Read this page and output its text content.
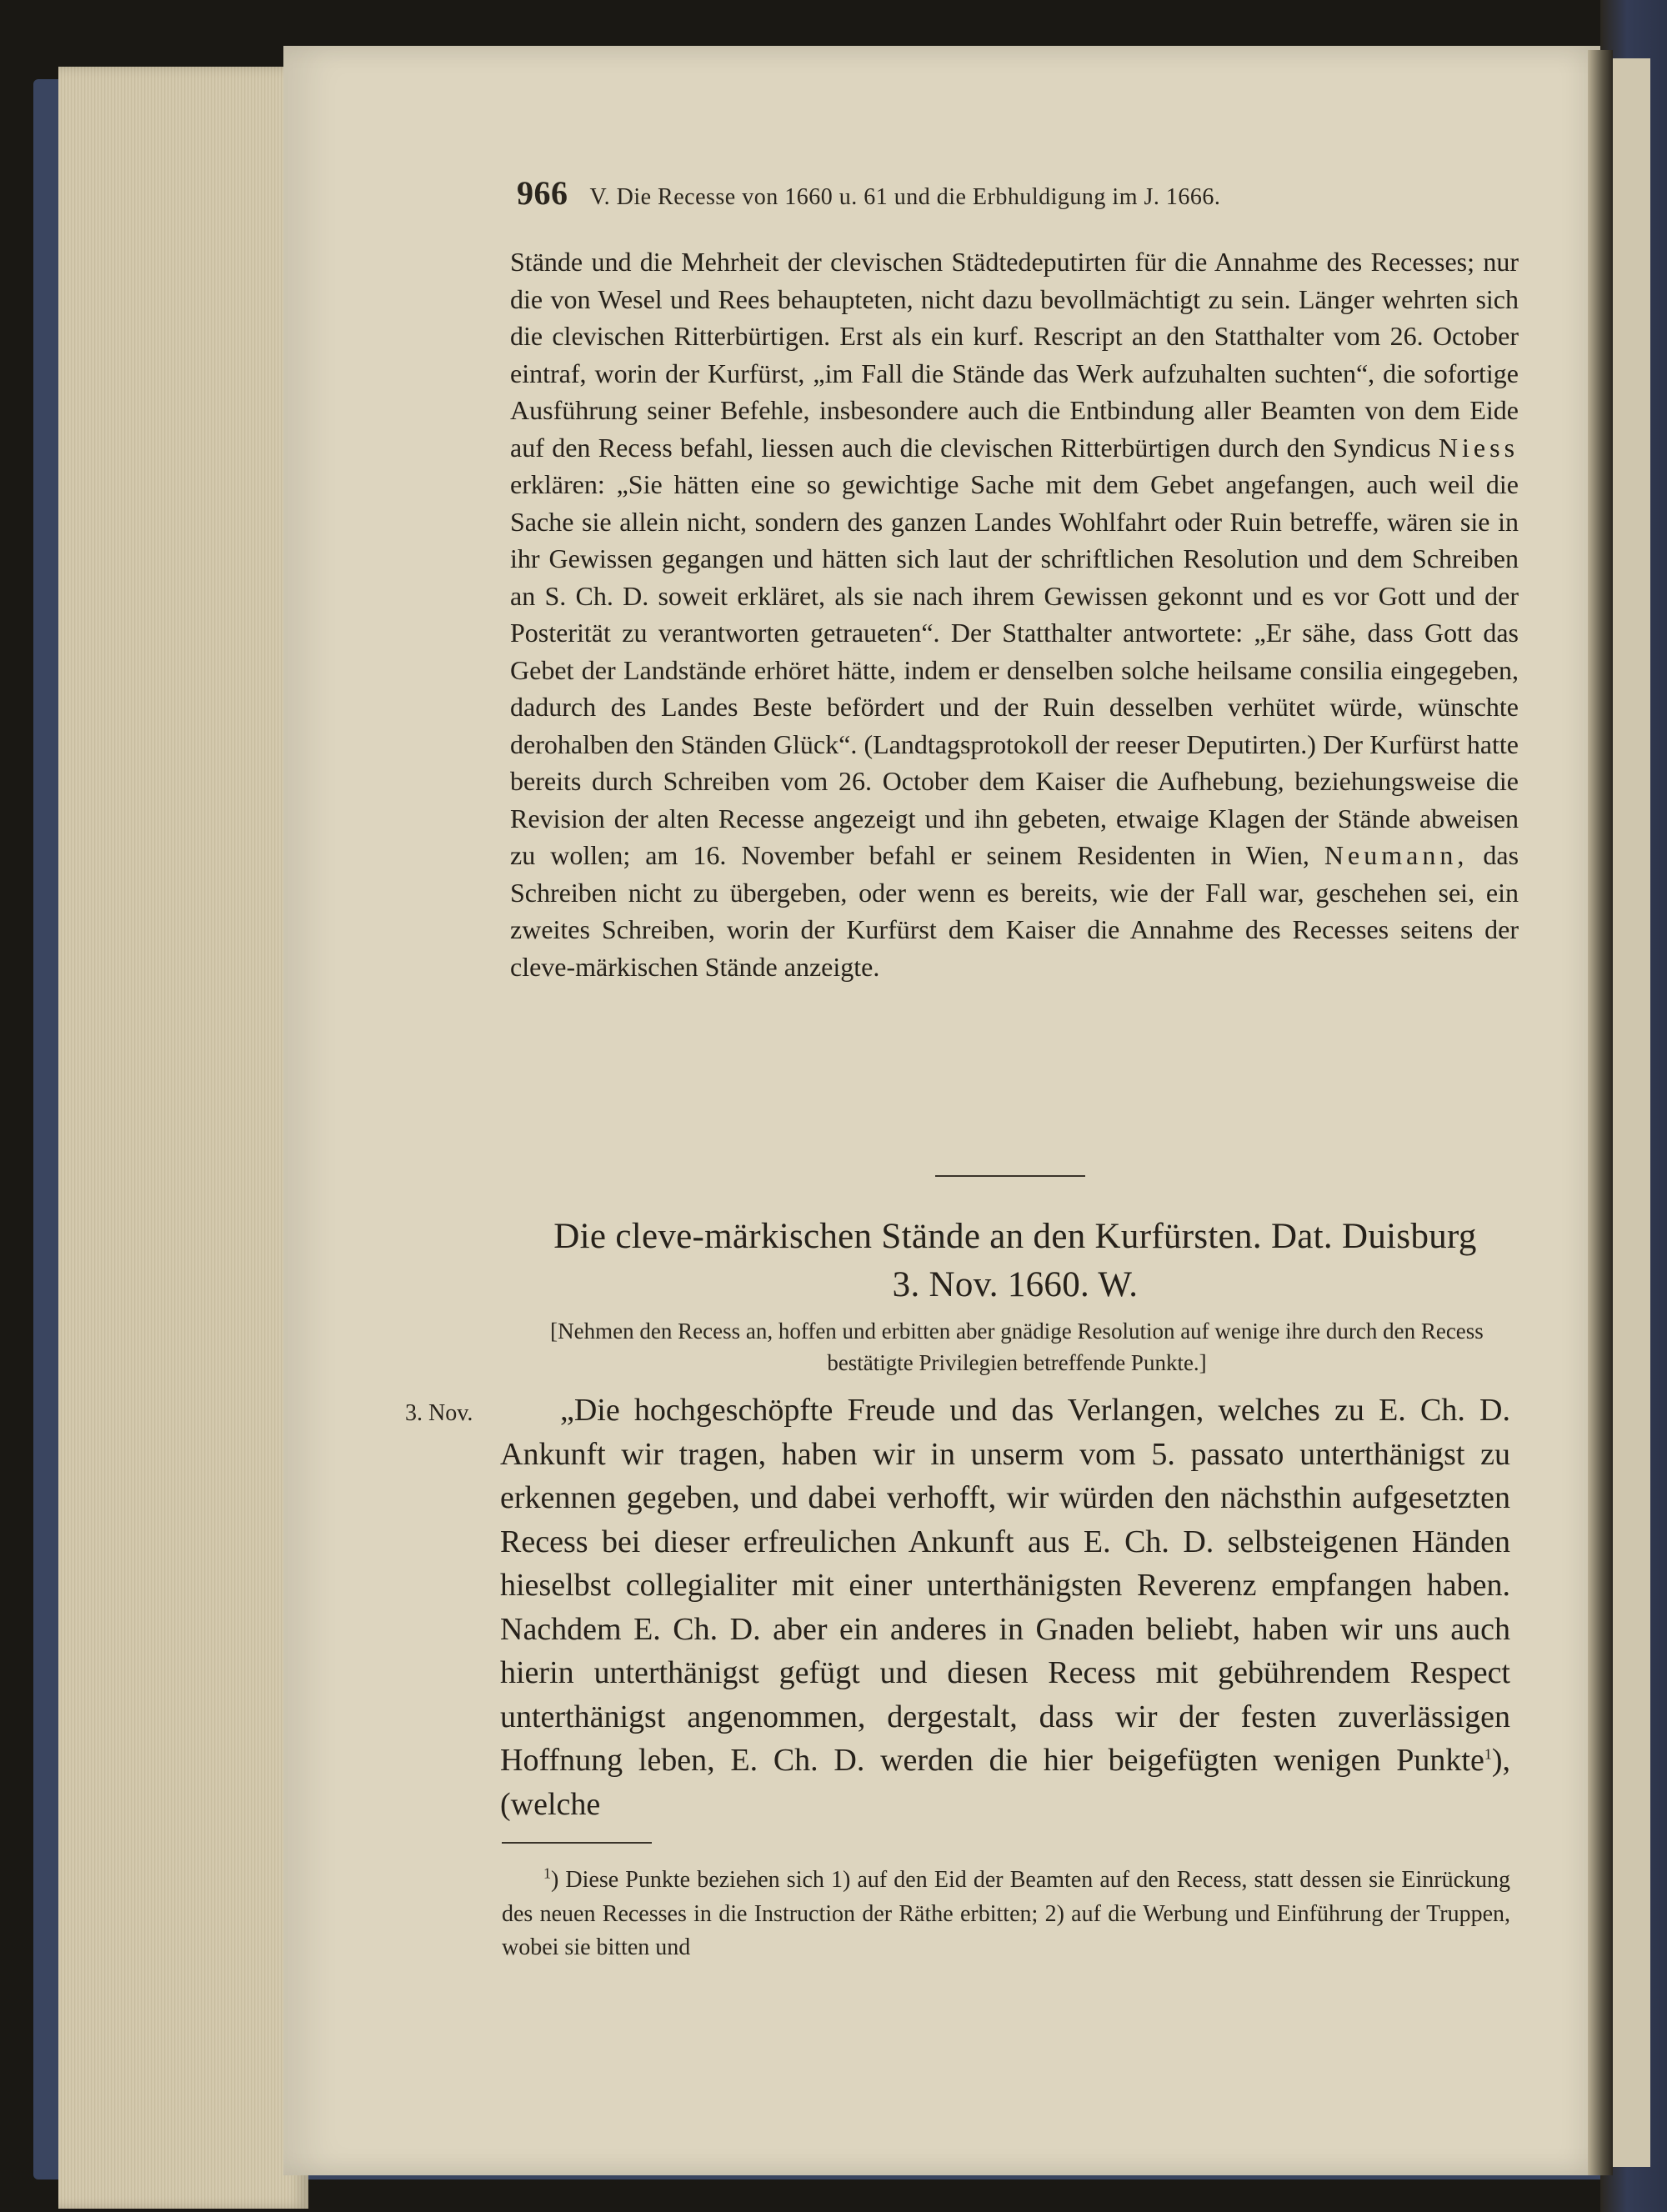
966 V. Die Recesse von 1660 u. 61 und die Erbhuldigung im J. 1666.

Stände und die Mehrheit der clevischen Städtedeputirten für die Annahme des Recesses; nur die von Wesel und Rees behaupteten, nicht dazu bevollmächtigt zu sein. Länger wehrten sich die clevischen Ritterbürtigen. Erst als ein kurf. Rescript an den Statthalter vom 26. October eintraf, worin der Kurfürst, „im Fall die Stände das Werk aufzuhalten suchten“, die sofortige Ausführung seiner Befehle, insbesondere auch die Entbindung aller Beamten von dem Eide auf den Recess befahl, liessen auch die clevischen Ritterbürtigen durch den Syndicus Niess erklären: „Sie hätten eine so gewichtige Sache mit dem Gebet angefangen, auch weil die Sache sie allein nicht, sondern des ganzen Landes Wohlfahrt oder Ruin betreffe, wären sie in ihr Gewissen gegangen und hätten sich laut der schriftlichen Resolution und dem Schreiben an S. Ch. D. soweit erkläret, als sie nach ihrem Gewissen gekonnt und es vor Gott und der Posterität zu verantworten getraueten“. Der Statthalter antwortete: „Er sähe, dass Gott das Gebet der Landstände erhöret hätte, indem er denselben solche heilsame consilia eingegeben, dadurch des Landes Beste befördert und der Ruin desselben verhütet würde, wünschte derohalben den Ständen Glück“. (Landtagsprotokoll der reeser Deputirten.) Der Kurfürst hatte bereits durch Schreiben vom 26. October dem Kaiser die Aufhebung, beziehungsweise die Revision der alten Recesse angezeigt und ihn gebeten, etwaige Klagen der Stände abweisen zu wollen; am 16. November befahl er seinem Residenten in Wien, Neumann, das Schreiben nicht zu übergeben, oder wenn es bereits, wie der Fall war, geschehen sei, ein zweites Schreiben, worin der Kurfürst dem Kaiser die Annahme des Recesses seitens der cleve-märkischen Stände anzeigte.

Die cleve-märkischen Stände an den Kurfürsten. Dat. Duisburg
3. Nov. 1660. W.
[Nehmen den Recess an, hoffen und erbitten aber gnädige Resolution auf wenige ihre durch den Recess bestätigte Privilegien betreffende Punkte.]
3. Nov.	„Die hochgeschöpfte Freude und das Verlangen, welches zu E. Ch. D. Ankunft wir tragen, haben wir in unserm vom 5. passato unterthänigst zu erkennen gegeben, und dabei verhofft, wir würden den nächsthin aufgesetzten Recess bei dieser erfreulichen Ankunft aus E. Ch. D. selbsteigenen Händen hieselbst collegialiter mit einer unterthänigsten Reverenz empfangen haben. Nachdem E. Ch. D. aber ein anderes in Gnaden beliebt, haben wir uns auch hierin unterthänigst gefügt und diesen Recess mit gebührendem Respect unterthänigst angenommen, dergestalt, dass wir der festen zuverlässigen Hoffnung leben, E. Ch. D. werden die hier beigefügten wenigen Punkte$^1$), (welche

$^1$) Diese Punkte beziehen sich 1) auf den Eid der Beamten auf den Recess, statt dessen sie Einrückung des neuen Recesses in die Instruction der Räthe erbitten; 2) auf die Werbung und Einführung der Truppen, wobei sie bitten und
